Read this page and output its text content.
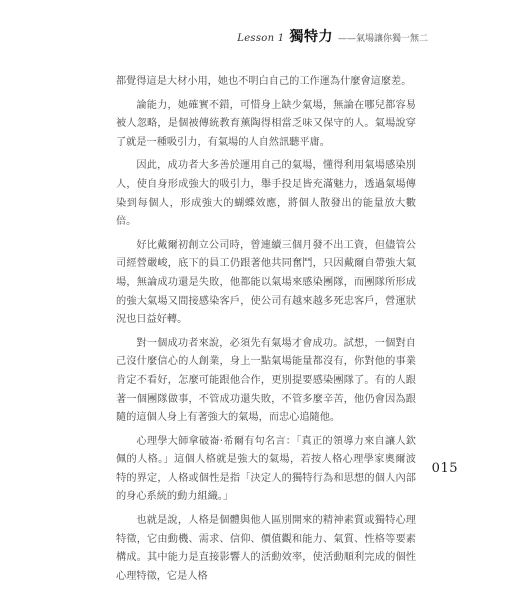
Lesson 1 獨特力 ——氣場讓你獨一無二

都覺得這是大材小用，她也不明白自己的工作運為什麼會這麼差。

論能力，她確實不錯，可惜身上缺少氣場，無論在哪兒都容易被人忽略，是個被傳統教育薰陶得相當乏味又保守的人。氣場說穿了就是一種吸引力，有氣場的人自然訊聽平庸。

因此，成功者大多善於運用自己的氣場，懂得利用氣場感染別人，使自身形成強大的吸引力，舉手投足皆充滿魅力，透過氣場傳染到每個人，形成強大的蝴蝶效應，將個人散發出的能量放大數倍。

好比戴爾初創立公司時，曾連續三個月發不出工資，但儘管公司經營嚴峻，底下的員工仍跟著他共同奮鬥，只因戴爾自帶強大氣場，無論成功還是失敗，他都能以氣場來感染團隊，而團隊所形成的強大氣場又間接感染客戶，使公司有越來越多死忠客戶，營運狀況也日益好轉。

對一個成功者來說，必須先有氣場才會成功。試想，一個對自己沒什麼信心的人創業，身上一點氣場能量都沒有，你對他的事業肯定不看好，怎麼可能跟他合作，更別提要感染團隊了。有的人跟著一個團隊做事，不管成功還失敗，不管多麼辛苦，他仍會因為跟隨的這個人身上有著強大的氣場，而忠心追隨他。

心理學大師拿破崙·希爾有句名言：「真正的領導力來自讓人欽佩的人格。」這個人格就是強大的氣場，若按人格心理學家奧爾波特的界定，人格或個性是指「決定人的獨特行為和思想的個人內部的身心系統的動力組織。」

也就是說，人格是個體與他人區別開來的精神素質或獨特心理特徵，它由動機、需求、信仰、價值觀和能力、氣質、性格等要素構成。其中能力是直接影響人的活動效率，使活動順利完成的個性心理特徵，它是人格

015
